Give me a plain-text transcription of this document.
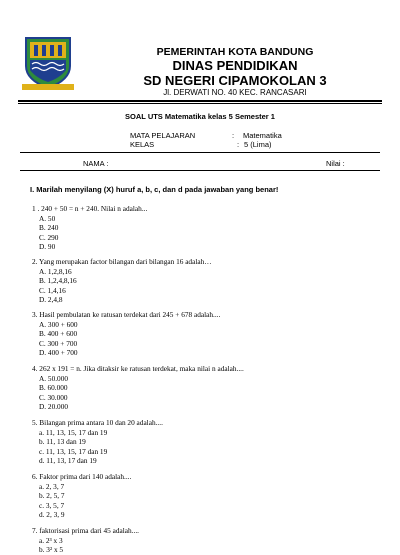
PEMERINTAH KOTA BANDUNG
DINAS PENDIDIKAN
SD NEGERI CIPAMOKOLAN 3
Jl. DERWATI NO. 40 KEC. RANCASARI
SOAL UTS Matematika kelas 5 Semester 1
MATA PELAJARAN	: Matematika
KELAS	: 5 (Lima)
NAMA :	Nilai :
I. Marilah menyilang (X) huruf a, b, c, dan d pada jawaban yang benar!
1 . 240 + 50 = n + 240. Nilai n adalah...
A. 50
B. 240
C. 290
D. 90
2. Yang merupakan factor bilangan dari bilangan 16 adalah…
A. 1,2,8,16
B. 1,2,4,8,16
C. 1,4,16
D. 2,4,8
3. Hasil pembulatan ke ratusan terdekat dari 245 + 678 adalah....
A. 300 + 600
B. 400 + 600
C. 300 + 700
D. 400 + 700
4. 262 x 191 = n. Jika ditaksir ke ratusan terdekat, maka nilai n adalah....
A. 50.000
B. 60.000
C. 30.000
D. 20.000
5. Bilangan prima antara 10 dan 20 adalah....
a. 11, 13, 15, 17 dan 19
b. 11, 13 dan 19
c. 11, 13, 15, 17 dan 19
d. 11, 13, 17 dan 19
6. Faktor prima dari 140 adalah....
a. 2, 3, 7
b. 2, 5, 7
c. 3, 5, 7
d. 2, 3, 9
7. faktorisasi prima dari 45 adalah....
a. 2³ x 3
b. 3² x 5
